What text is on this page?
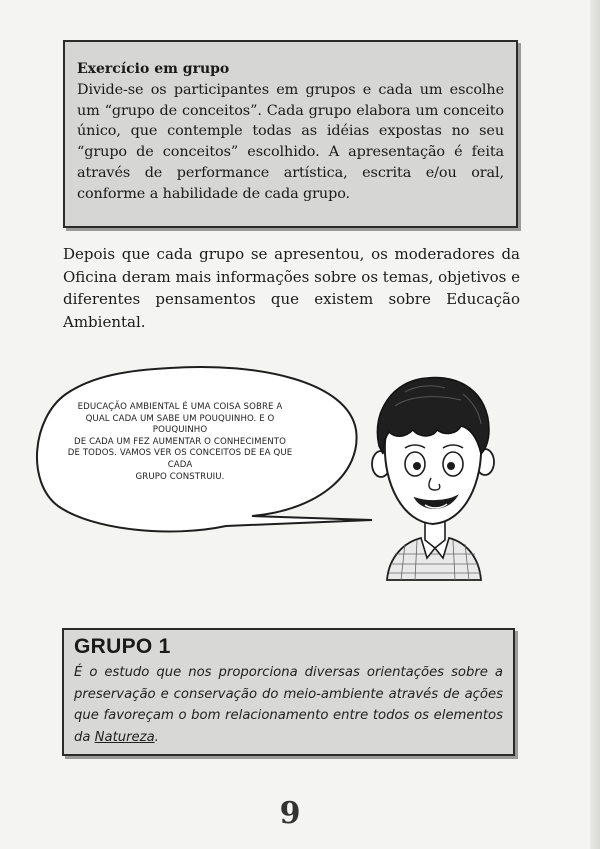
Exercício em grupo

Divide-se os participantes em grupos e cada um escolhe um “grupo de conceitos”. Cada grupo elabora um conceito único, que contemple todas as idéias expostas no seu “grupo de conceitos” escolhido. A apresentação é feita através de performance artística, escrita e/ou oral, conforme a habilidade de cada grupo.

Depois que cada grupo se apresentou, os moderadores da Oficina deram mais informações sobre os temas, objetivos e diferentes pensamentos que existem sobre Educação Ambiental.

EDUCAÇÃO AMBIENTAL É UMA COISA SOBRE A
QUAL CADA UM SABE UM POUQUINHO. E O
POUQUINHO
DE CADA UM FEZ AUMENTAR O CONHECIMENTO
DE TODOS. VAMOS VER OS CONCEITOS DE EA QUE
CADA
GRUPO CONSTRUIU.

GRUPO 1

É o estudo que nos proporciona diversas orientações sobre a preservação e conservação do meio-ambiente através de ações que favoreçam o bom relacionamento entre todos os elementos da Natureza.

9
